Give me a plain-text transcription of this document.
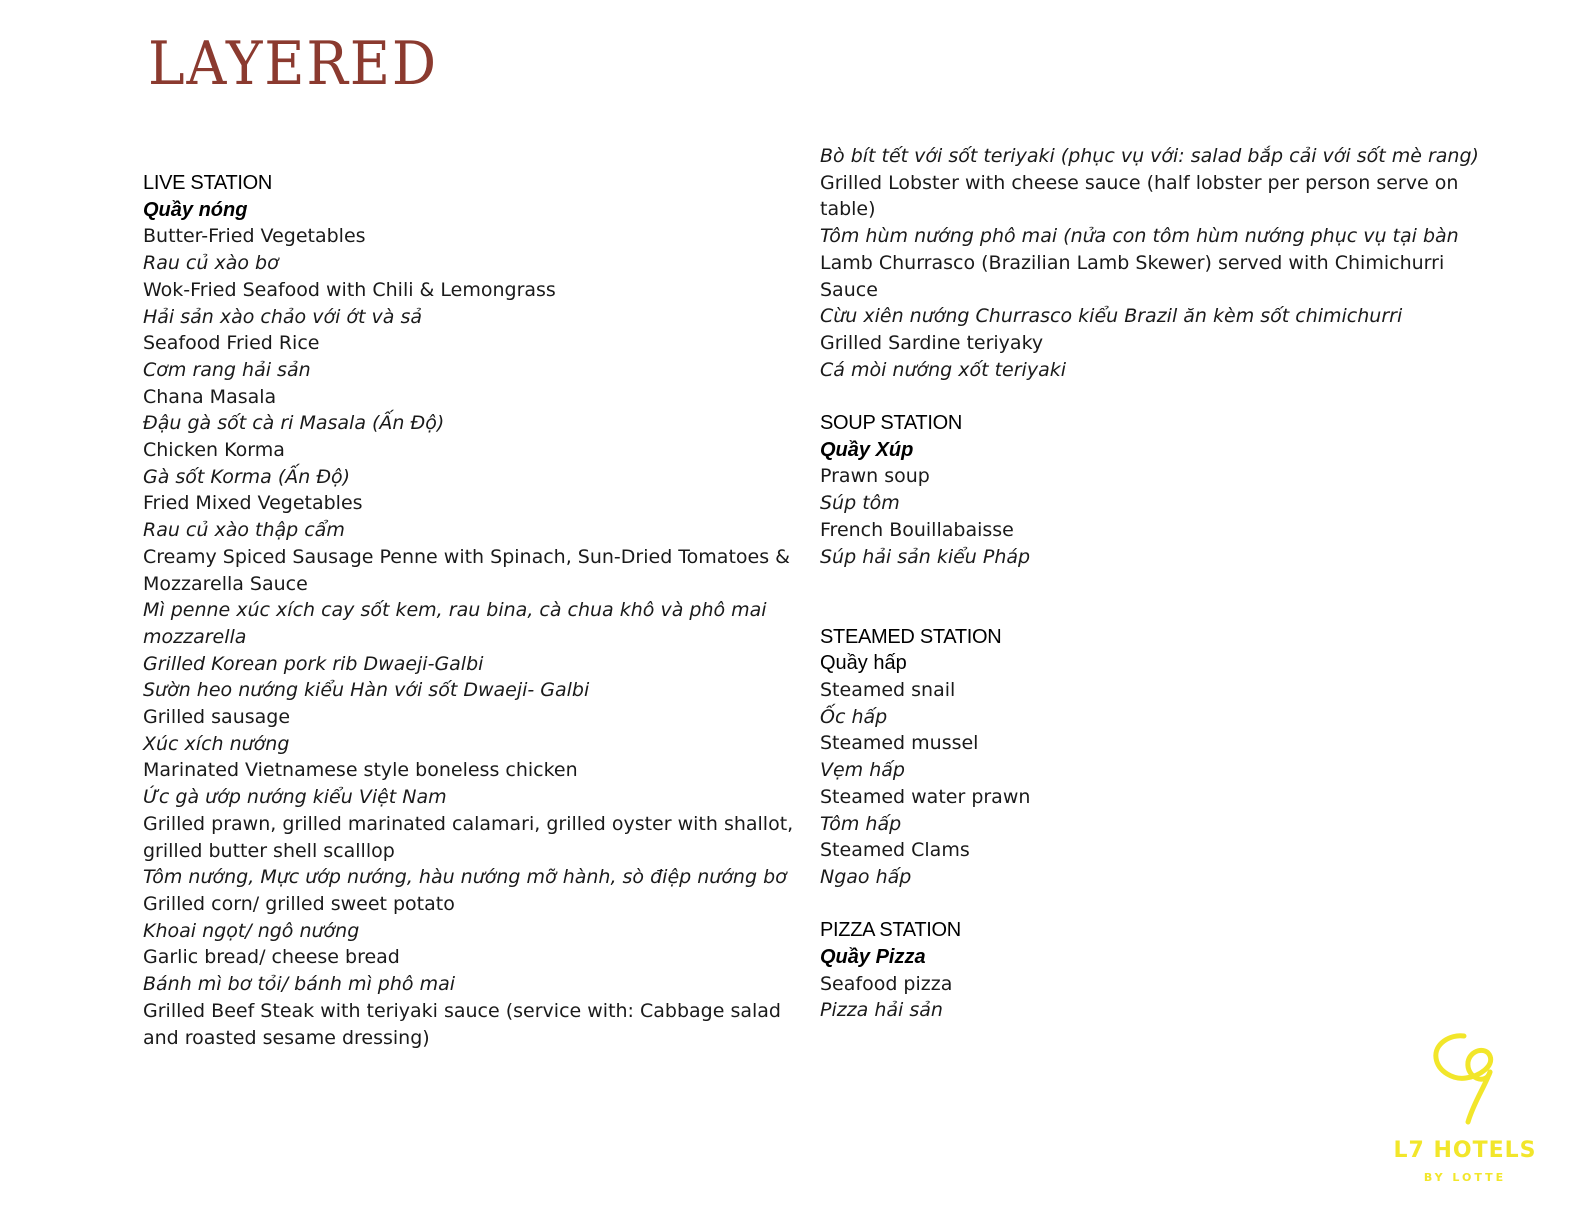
LAYERED
LIVE STATION
Quầy nóng
Butter-Fried Vegetables
Rau củ xào bơ
Wok-Fried Seafood with Chili & Lemongrass
Hải sản xào chảo với ớt và sả
Seafood Fried Rice
Cơm rang hải sản
Chana Masala
Đậu gà sốt cà ri Masala (Ấn Độ)
Chicken Korma
Gà sốt Korma (Ấn Độ)
Fried Mixed Vegetables
Rau củ xào thập cẩm
Creamy Spiced Sausage Penne with Spinach, Sun-Dried Tomatoes &
Mozzarella Sauce
Mì penne xúc xích cay sốt kem, rau bina, cà chua khô và phô mai
mozzarella
Grilled Korean pork rib Dwaeji-Galbi
Sườn heo nướng kiểu Hàn với sốt Dwaeji- Galbi
Grilled sausage
Xúc xích nướng
Marinated Vietnamese style boneless chicken
Ức gà ướp nướng kiểu Việt Nam
Grilled prawn, grilled marinated calamari, grilled oyster with shallot,
grilled butter shell scalllop
Tôm nướng, Mực ướp nướng, hàu nướng mỡ hành, sò điệp nướng bơ
Grilled corn/ grilled sweet potato
Khoai ngọt/ ngô nướng
Garlic bread/ cheese bread
Bánh mì bơ tỏi/ bánh mì phô mai
Grilled Beef Steak with teriyaki sauce (service with: Cabbage salad
and roasted sesame dressing)
Bò bít tết với sốt teriyaki (phục vụ với: salad bắp cải với sốt mè rang)
Grilled Lobster with cheese sauce (half lobster per person serve on
table)
Tôm hùm nướng phô mai (nửa con tôm hùm nướng phục vụ tại bàn
Lamb Churrasco (Brazilian Lamb Skewer) served with Chimichurri
Sauce
Cừu xiên nướng Churrasco kiểu Brazil ăn kèm sốt chimichurri
Grilled Sardine teriyaky
Cá mòi nướng xốt teriyaki
SOUP STATION
Quầy Xúp
Prawn soup
Súp tôm
French Bouillabaisse
Súp hải sản kiểu Pháp
STEAMED STATION
Quầy hấp
Steamed snail
Ốc hấp
Steamed mussel
Vẹm hấp
Steamed water prawn
Tôm hấp
Steamed Clams
Ngao hấp
PIZZA STATION
Quầy Pizza
Seafood pizza
Pizza hải sản
L7 HOTELS
BY LOTTE
